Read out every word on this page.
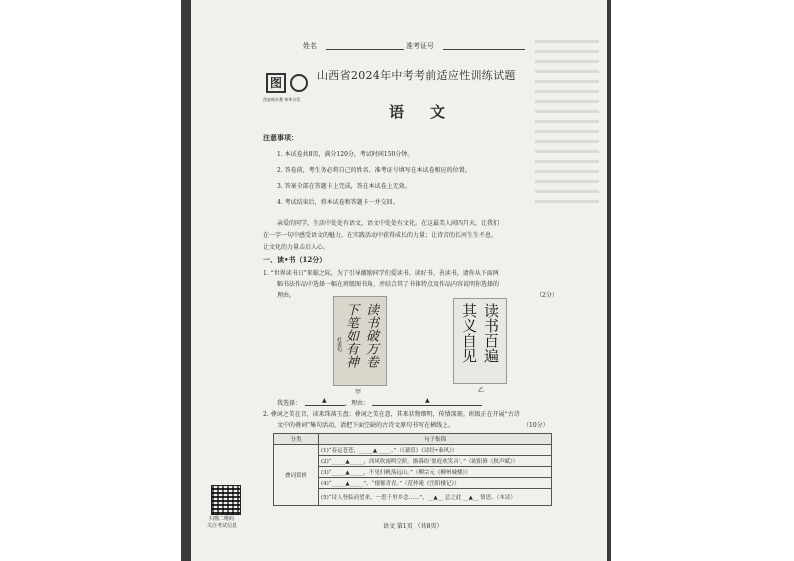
姓名	准考证号
图
西安陕社教 奉华分发
山西省2024年中考考前适应性训练试题
语文
注意事项：
1. 本试卷共8页，满分120分，考试时间150分钟。
2. 答卷前，考生务必将自己的姓名、准考证号填写在本试卷相应的位置。
3. 答案全部在答题卡上完成，答在本试卷上无效。
4. 考试结束后，将本试卷和答题卡一并交回。
亲爱的同学，生活中处处有语文，语文中处处有文化。在这最美人间四月天，让我们
在一字一句中感受语文的魅力，在实践活动中获得成长的力量；让诗音的长河生生不息，
让文化的力量击启人心。
一、读•书（12分）
1. “世界读书日”来临之际，为了引导激励同学们爱读书、读好书、善读书，请你从下面两
幅书法作品中选择一幅在班级图书角，并结合其了书体特点及作品内容说明你选择的
理由。	（2分）
读书破万卷
下笔如有神
杜甫句
甲
读书百遍
其义自见
乙
我选择：	▲	，理由：	▲
2. 叠词之美在音，读来珠落玉盘；叠词之美在意，其来状物细明，传情深刻。班级正在开展“古诗
文中的叠词”集句活动，请把下面空缺的古诗文原句书写在横线上。	（10分）
分类	句子集锦
叠词赏析	(1)“春运苍苍，_____▲_____。”（《蒹葭》《诗经•秦风》）
	(2)“_____▲_____，西风吹雨鸣空阶。渐暮纷‘盈庭欢笑音’。”（欧阳修《秋声赋》）
	(3)“_____▲_____，不见归帆落远山。”（柳宗元《柳州城楼》）
	(4)“_____▲_____”，“郁郁青青。”（范仲淹《岳阳楼记》）
	(5)“诗人登临而望来，一思千里乡念……”，__▲__ 总之此 __▲__ 情思。（本诗）
扫描二维码
关注考试信息	语文 第1页 （共8页）
